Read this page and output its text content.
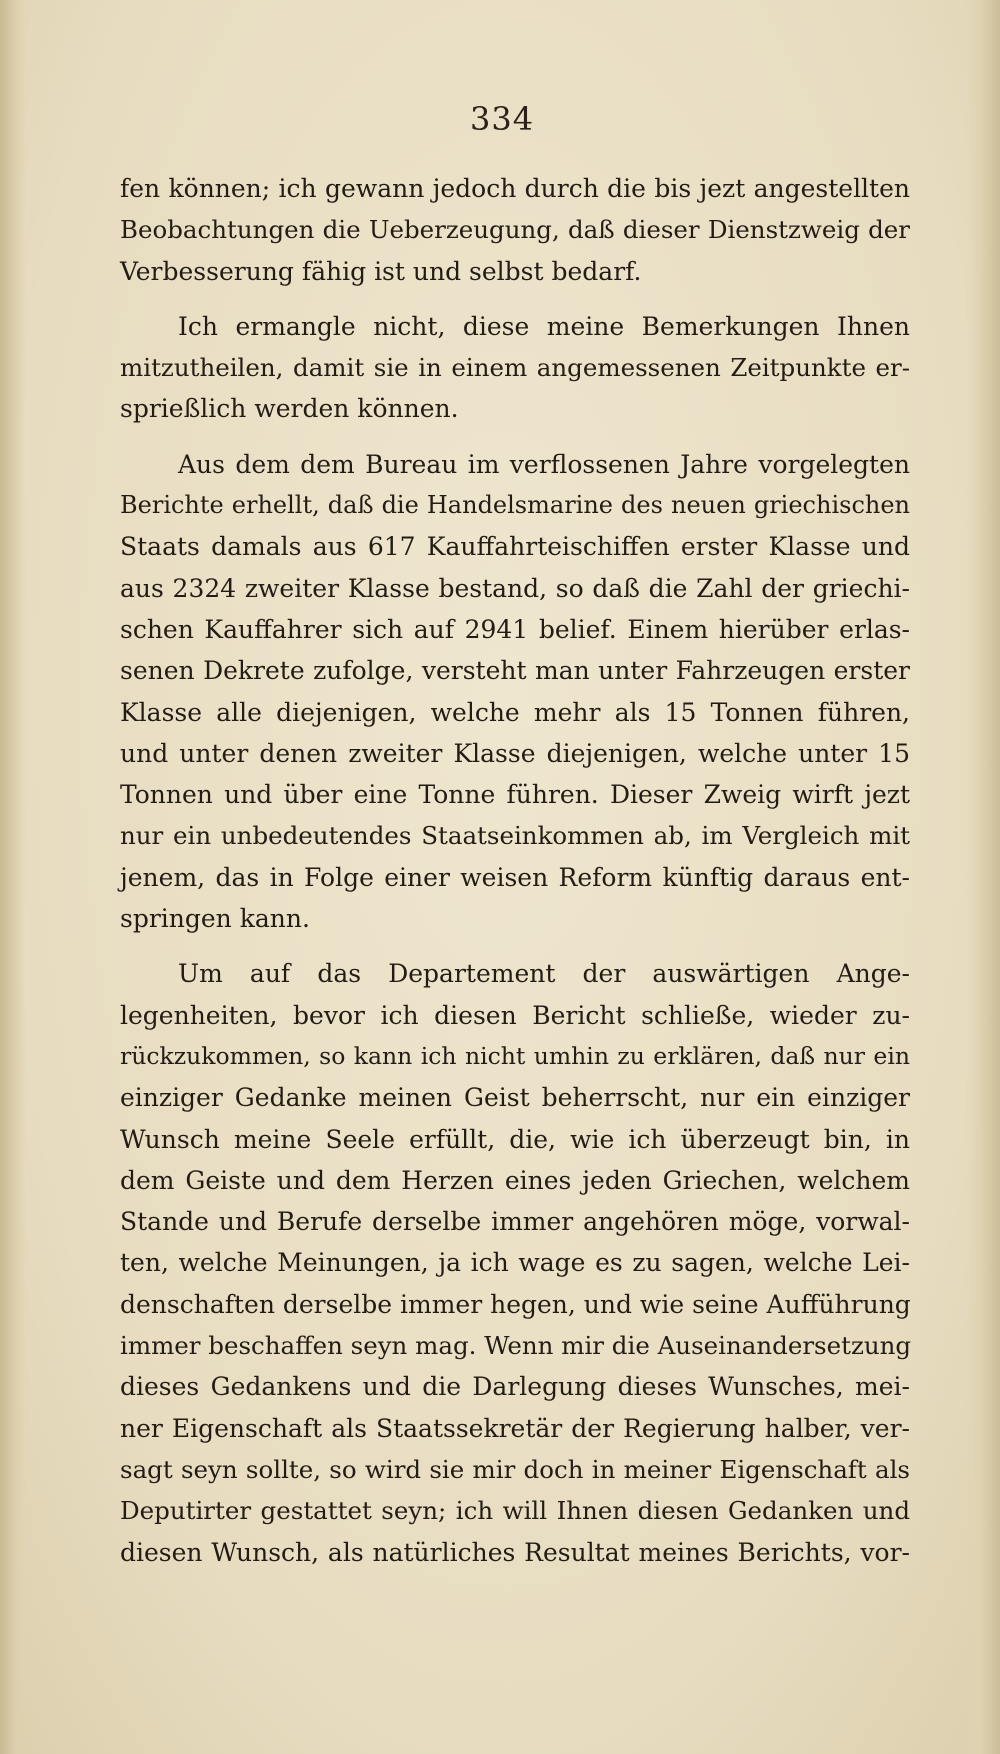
334
fen können; ich gewann jedoch durch die bis jezt angestellten
Beobachtungen die Ueberzeugung, daß dieser Dienstzweig der
Verbesserung fähig ist und selbst bedarf.
Ich ermangle nicht, diese meine Bemerkungen Ihnen
mitzutheilen, damit sie in einem angemessenen Zeitpunkte er-
sprießlich werden können.
Aus dem dem Bureau im verflossenen Jahre vorgelegten
Berichte erhellt, daß die Handelsmarine des neuen griechischen
Staats damals aus 617 Kauffahrteischiffen erster Klasse und
aus 2324 zweiter Klasse bestand, so daß die Zahl der griechi-
schen Kauffahrer sich auf 2941 belief. Einem hierüber erlas-
senen Dekrete zufolge, versteht man unter Fahrzeugen erster
Klasse alle diejenigen, welche mehr als 15 Tonnen führen,
und unter denen zweiter Klasse diejenigen, welche unter 15
Tonnen und über eine Tonne führen. Dieser Zweig wirft jezt
nur ein unbedeutendes Staatseinkommen ab, im Vergleich mit
jenem, das in Folge einer weisen Reform künftig daraus ent-
springen kann.
Um auf das Departement der auswärtigen Ange-
legenheiten, bevor ich diesen Bericht schließe, wieder zu-
rückzukommen, so kann ich nicht umhin zu erklären, daß nur ein
einziger Gedanke meinen Geist beherrscht, nur ein einziger
Wunsch meine Seele erfüllt, die, wie ich überzeugt bin, in
dem Geiste und dem Herzen eines jeden Griechen, welchem
Stande und Berufe derselbe immer angehören möge, vorwal-
ten, welche Meinungen, ja ich wage es zu sagen, welche Lei-
denschaften derselbe immer hegen, und wie seine Aufführung
immer beschaffen seyn mag. Wenn mir die Auseinandersetzung
dieses Gedankens und die Darlegung dieses Wunsches, mei-
ner Eigenschaft als Staatssekretär der Regierung halber, ver-
sagt seyn sollte, so wird sie mir doch in meiner Eigenschaft als
Deputirter gestattet seyn; ich will Ihnen diesen Gedanken und
diesen Wunsch, als natürliches Resultat meines Berichts, vor-
